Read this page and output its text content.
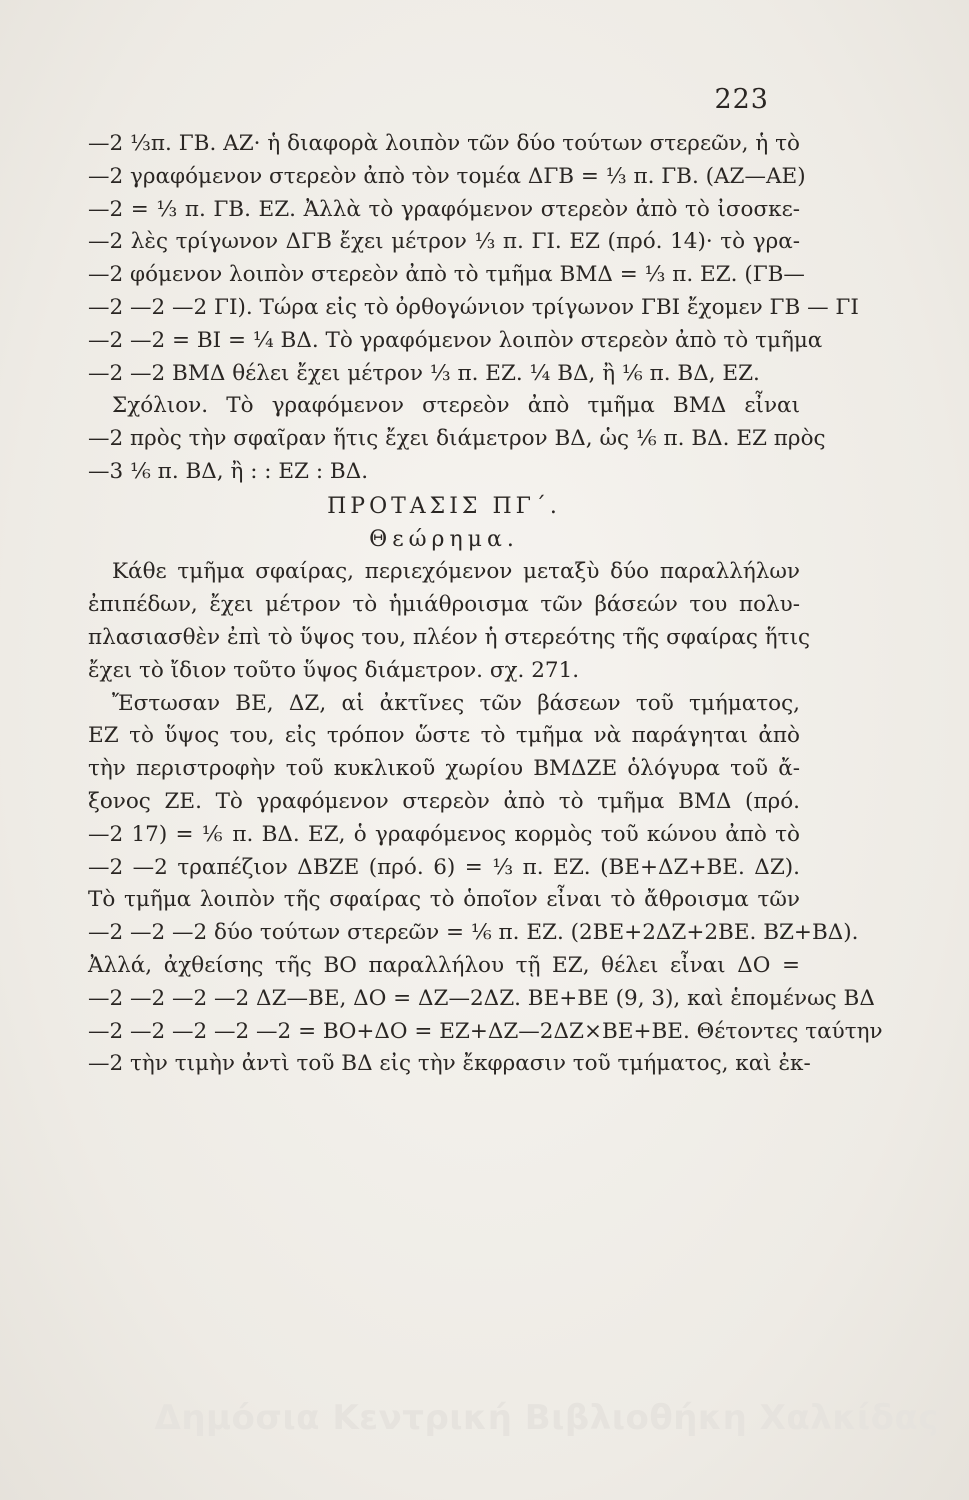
223
—2 ⅓π. ΓΒ. ΑΖ· ἡ διαφορὰ λοιπὸν τῶν δύο τούτων στερεῶν, ἡ τὸ
—2 γραφόμενον στερεὸν ἀπὸ τὸν τομέα ΔΓΒ = ⅓ π. ΓΒ. (ΑΖ—ΑΕ)
—2 = ⅓ π. ΓΒ. ΕΖ. Ἀλλὰ τὸ γραφόμενον στερεὸν ἀπὸ τὸ ἰσοσκε-
—2 λὲς τρίγωνον ΔΓΒ ἔχει μέτρον ⅓ π. ΓΙ. ΕΖ (πρό. 14)· τὸ γρα-
—2 φόμενον λοιπὸν στερεὸν ἀπὸ τὸ τμῆμα ΒΜΔ = ⅓ π. ΕΖ. (ΓΒ—
—2 —2 —2 ΓΙ). Τώρα εἰς τὸ ὀρθογώνιον τρίγωνον ΓΒΙ ἔχομεν ΓΒ — ΓΙ
—2 —2 = ΒΙ = ¼ ΒΔ. Τὸ γραφόμενον λοιπὸν στερεὸν ἀπὸ τὸ τμῆμα
—2 —2 ΒΜΔ θέλει ἔχει μέτρον ⅓ π. ΕΖ. ¼ ΒΔ, ἢ ⅙ π. ΒΔ, ΕΖ.
Σχόλιον. Τὸ γραφόμενον στερεὸν ἀπὸ τμῆμα ΒΜΔ εἶναι
—2 πρὸς τὴν σφαῖραν ἥτις ἔχει διάμετρον ΒΔ, ὡς ⅙ π. ΒΔ. ΕΖ πρὸς
—3 ⅙ π. ΒΔ, ἢ : : ΕΖ : ΒΔ.
ΠΡΟΤΑΣΙΣ ΠΓ΄.
Θεώρημα.
Κάθε τμῆμα σφαίρας, περιεχόμενον μεταξὺ δύο παραλλήλων
ἐπιπέδων, ἔχει μέτρον τὸ ἡμιάθροισμα τῶν βάσεών του πολυ-
πλασιασθὲν ἐπὶ τὸ ὕψος του, πλέον ἡ στερεότης τῆς σφαίρας ἥτις
ἔχει τὸ ἴδιον τοῦτο ὕψος διάμετρον. σχ. 271.
Ἔστωσαν ΒΕ, ΔΖ, αἱ ἀκτῖνες τῶν βάσεων τοῦ τμήματος,
ΕΖ τὸ ὕψος του, εἰς τρόπον ὥστε τὸ τμῆμα νὰ παράγηται ἀπὸ
τὴν περιστροφὴν τοῦ κυκλικοῦ χωρίου ΒΜΔΖΕ ὁλόγυρα τοῦ ἄ-
ξονος ΖΕ. Τὸ γραφόμενον στερεὸν ἀπὸ τὸ τμῆμα ΒΜΔ (πρό.
—2 17) = ⅙ π. ΒΔ. ΕΖ, ὁ γραφόμενος κορμὸς τοῦ κώνου ἀπὸ τὸ
—2 —2 τραπέζιον ΔΒΖΕ (πρό. 6) = ⅓ π. ΕΖ. (ΒΕ+ΔΖ+ΒΕ. ΔΖ).
Τὸ τμῆμα λοιπὸν τῆς σφαίρας τὸ ὁποῖον εἶναι τὸ ἄθροισμα τῶν
—2 —2 —2 δύο τούτων στερεῶν = ⅙ π. ΕΖ. (2ΒΕ+2ΔΖ+2ΒΕ. ΒΖ+ΒΔ).
Ἀλλά, ἀχθείσης τῆς ΒΟ παραλλήλου τῇ ΕΖ, θέλει εἶναι ΔΟ =
—2 —2 —2 —2 ΔΖ—ΒΕ, ΔΟ = ΔΖ—2ΔΖ. ΒΕ+ΒΕ (9, 3), καὶ ἑπομένως ΒΔ
—2 —2 —2 —2 —2 = ΒΟ+ΔΟ = ΕΖ+ΔΖ—2ΔΖ×ΒΕ+ΒΕ. Θέτοντες ταύτην
—2 τὴν τιμὴν ἀντὶ τοῦ ΒΔ εἰς τὴν ἔκφρασιν τοῦ τμήματος, καὶ ἐκ-
Δημόσια Κεντρική Βιβλιοθήκη Χαλκίδας
